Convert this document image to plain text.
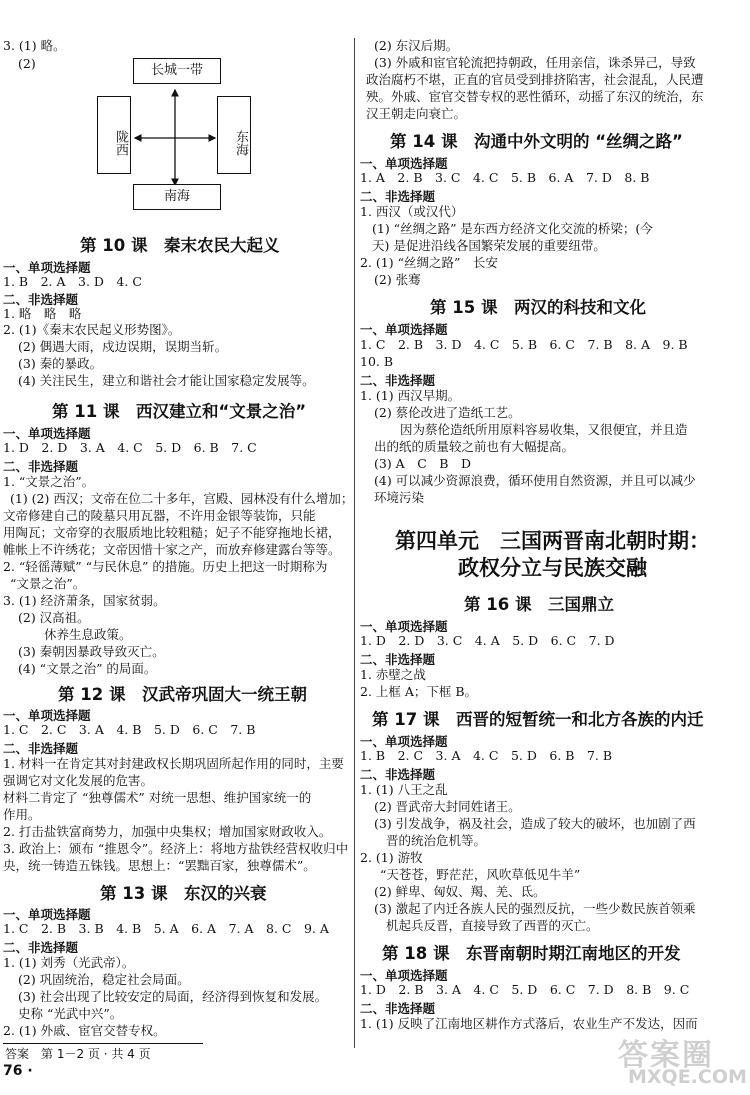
3. (1) 略。
(2)	长城一带
南海
陇西	东海
第 10 课　秦末农民大起义
一、单项选择题
1. B　2. A　3. D　4. C
二、非选择题
1. 略　略　略
2. (1)《秦末农民起义形势图》。
(2) 偶遇大雨，戍边误期，误期当斩。
(3) 秦的暴政。
(4) 关注民生，建立和谐社会才能让国家稳定发展等。
第 11 课　西汉建立和“文景之治”
一、单项选择题
1. D　2. D　3. A　4. C　5. D　6. B　7. C
二、非选择题
1. “文景之治”。
(1) (2) 西汉；文帝在位二十多年，宫殿、园林没有什么增加；
文帝修建自己的陵墓只用瓦器，不许用金银等装饰，只能
用陶瓦；文帝穿的衣服质地比较粗糙；妃子不能穿拖地长裙，
帷帐上不许绣花；文帝因惜十家之产，而放弃修建露台等等。
2. “轻徭薄赋” “与民休息” 的措施。历史上把这一时期称为
“文景之治”。
3. (1) 经济萧条，国家贫弱。
(2) 汉高祖。
休养生息政策。
(3) 秦朝因暴政导致灭亡。
(4) “文景之治” 的局面。
第 12 课　汉武帝巩固大一统王朝
一、单项选择题
1. C　2. C　3. A　4. B　5. D　6. C　7. B
二、非选择题
1. 材料一在肯定其对封建政权长期巩固所起作用的同时，主要
强调它对文化发展的危害。
材料二肯定了 “独尊儒术” 对统一思想、维护国家统一的
作用。
2. 打击盐铁富商势力，加强中央集权；增加国家财政收入。
3. 政治上：颁布 “推恩令”。经济上：将地方盐铁经营权收归中
央，统一铸造五铢钱。思想上：“罢黜百家，独尊儒术”。
第 13 课　东汉的兴衰
一、单项选择题
1. C　2. B　3. B　4. B　5. A　6. A　7. A　8. C　9. A
二、非选择题
1. (1) 刘秀（光武帝）。
(2) 巩固统治，稳定社会局面。
(3) 社会出现了比较安定的局面，经济得到恢复和发展。
史称 “光武中兴”。
2. (1) 外戚、宦官交替专权。
答案　第 1－2 页 · 共 4 页
76 ·
(2) 东汉后期。
(3) 外戚和宦官轮流把持朝政，任用亲信，诛杀异己，导致
政治腐朽不堪，正直的官员受到排挤陷害，社会混乱，人民遭
殃。外戚、宦官交替专权的恶性循环，动摇了东汉的统治，东
汉王朝走向衰亡。
第 14 课　沟通中外文明的 “丝绸之路”
一、单项选择题
1. A　2. B　3. C　4. C　5. B　6. A　7. D　8. B
二、非选择题
1. 西汉（或汉代）
(1) “丝绸之路” 是东西方经济文化交流的桥梁；(今
天) 是促进沿线各国繁荣发展的重要纽带。
2. (1) “丝绸之路”　长安
(2) 张骞
第 15 课　两汉的科技和文化
一、单项选择题
1. C　2. B　3. D　4. C　5. B　6. C　7. B　8. A　9. B
10. B
二、非选择题
1. (1) 西汉早期。
(2) 蔡伦改进了造纸工艺。
因为蔡伦造纸所用原料容易收集，又很便宜，并且造
出的纸的质量较之前也有大幅提高。
(3) A　C　B　D
(4) 可以减少资源浪费，循环使用自然资源，并且可以减少
环境污染
第四单元　三国两晋南北朝时期：
政权分立与民族交融
第 16 课　三国鼎立
一、单项选择题
1. D　2. D　3. C　4. A　5. D　6. C　7. D
二、非选择题
1. 赤壁之战
2. 上框 A；下框 B。
第 17 课　西晋的短暂统一和北方各族的内迁
一、单项选择题
1. B　2. C　3. A　4. C　5. D　6. B　7. B
二、非选择题
1. (1) 八王之乱
(2) 晋武帝大封同姓诸王。
(3) 引发战争，祸及社会，造成了较大的破坏，也加剧了西
晋的统治危机等。
2. (1) 游牧
“天苍苍，野茫茫，风吹草低见牛羊”
(2) 鲜卑、匈奴、羯、羌、氐。
(3) 激起了内迁各族人民的强烈反抗，一些少数民族首领乘
机起兵反晋，直接导致了西晋的灭亡。
第 18 课　东晋南朝时期江南地区的开发
一、单项选择题
1. D　2. B　3. A　4. C　5. D　6. C　7. D　8. B　9. C
二、非选择题
1. (1) 反映了江南地区耕作方式落后，农业生产不发达，因而
答案圈
MXQE.COM
